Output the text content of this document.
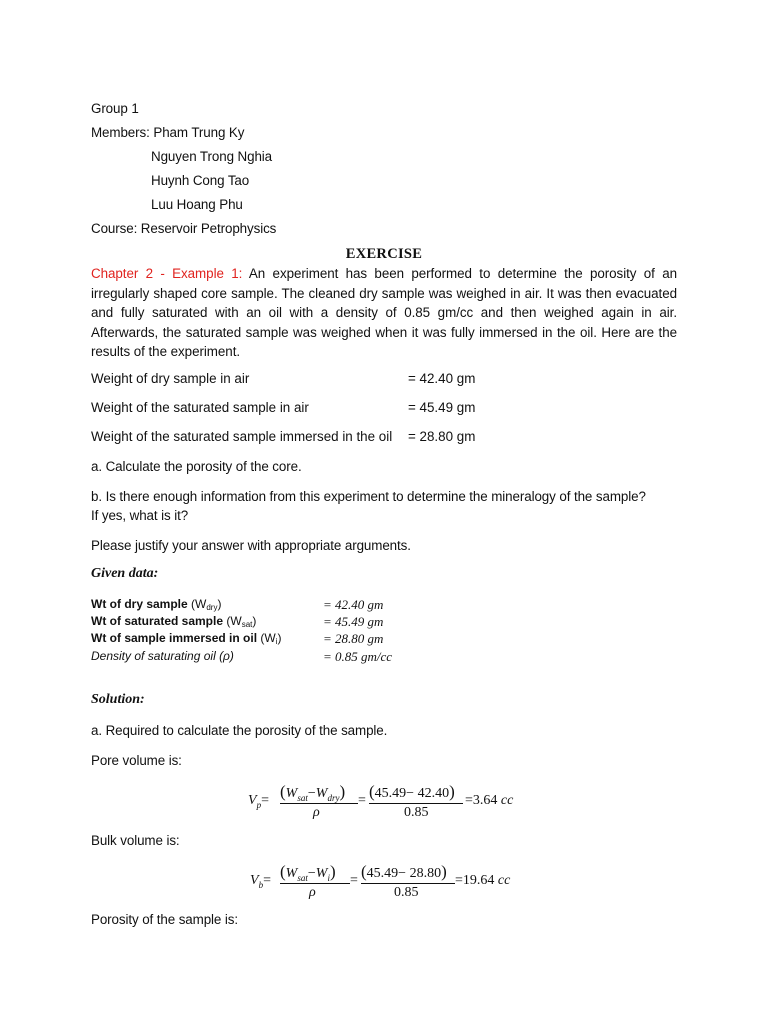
Group 1
Members: Pham Trung Ky
Nguyen Trong Nghia
Huynh Cong Tao
Luu Hoang Phu
Course: Reservoir Petrophysics
EXERCISE
Chapter 2 - Example 1: An experiment has been performed to determine the porosity of an irregularly shaped core sample. The cleaned dry sample was weighed in air. It was then evacuated and fully saturated with an oil with a density of 0.85 gm/cc and then weighed again in air. Afterwards, the saturated sample was weighed when it was fully immersed in the oil. Here are the results of the experiment.
Weight of dry sample in air	= 42.40 gm
Weight of the saturated sample in air	= 45.49 gm
Weight of the saturated sample immersed in the oil = 28.80 gm
a. Calculate the porosity of the core.
b. Is there enough information from this experiment to determine the mineralogy of the sample?
If yes, what is it?
Please justify your answer with appropriate arguments.
Given data:
Wt of dry sample $(W_{dry})$	= 42.40 gm
Wt of saturated sample $(W_{sat})$	= 45.49 gm
Wt of sample immersed in oil $(W_i)$	= 28.80 gm
Density of saturating oil (ρ)	= 0.85 gm/cc
Solution:
a. Required to calculate the porosity of the sample.
Pore volume is:
$V_p= (W_{sat}-W_{dry})$
ρ
= (45.49− 42.40)
0.85
=3.64 cc
Bulk volume is:
$V_b= (W_{sat}-W_i)$
ρ
= (45.49− 28.80)
0.85
=19.64 cc
Porosity of the sample is:
